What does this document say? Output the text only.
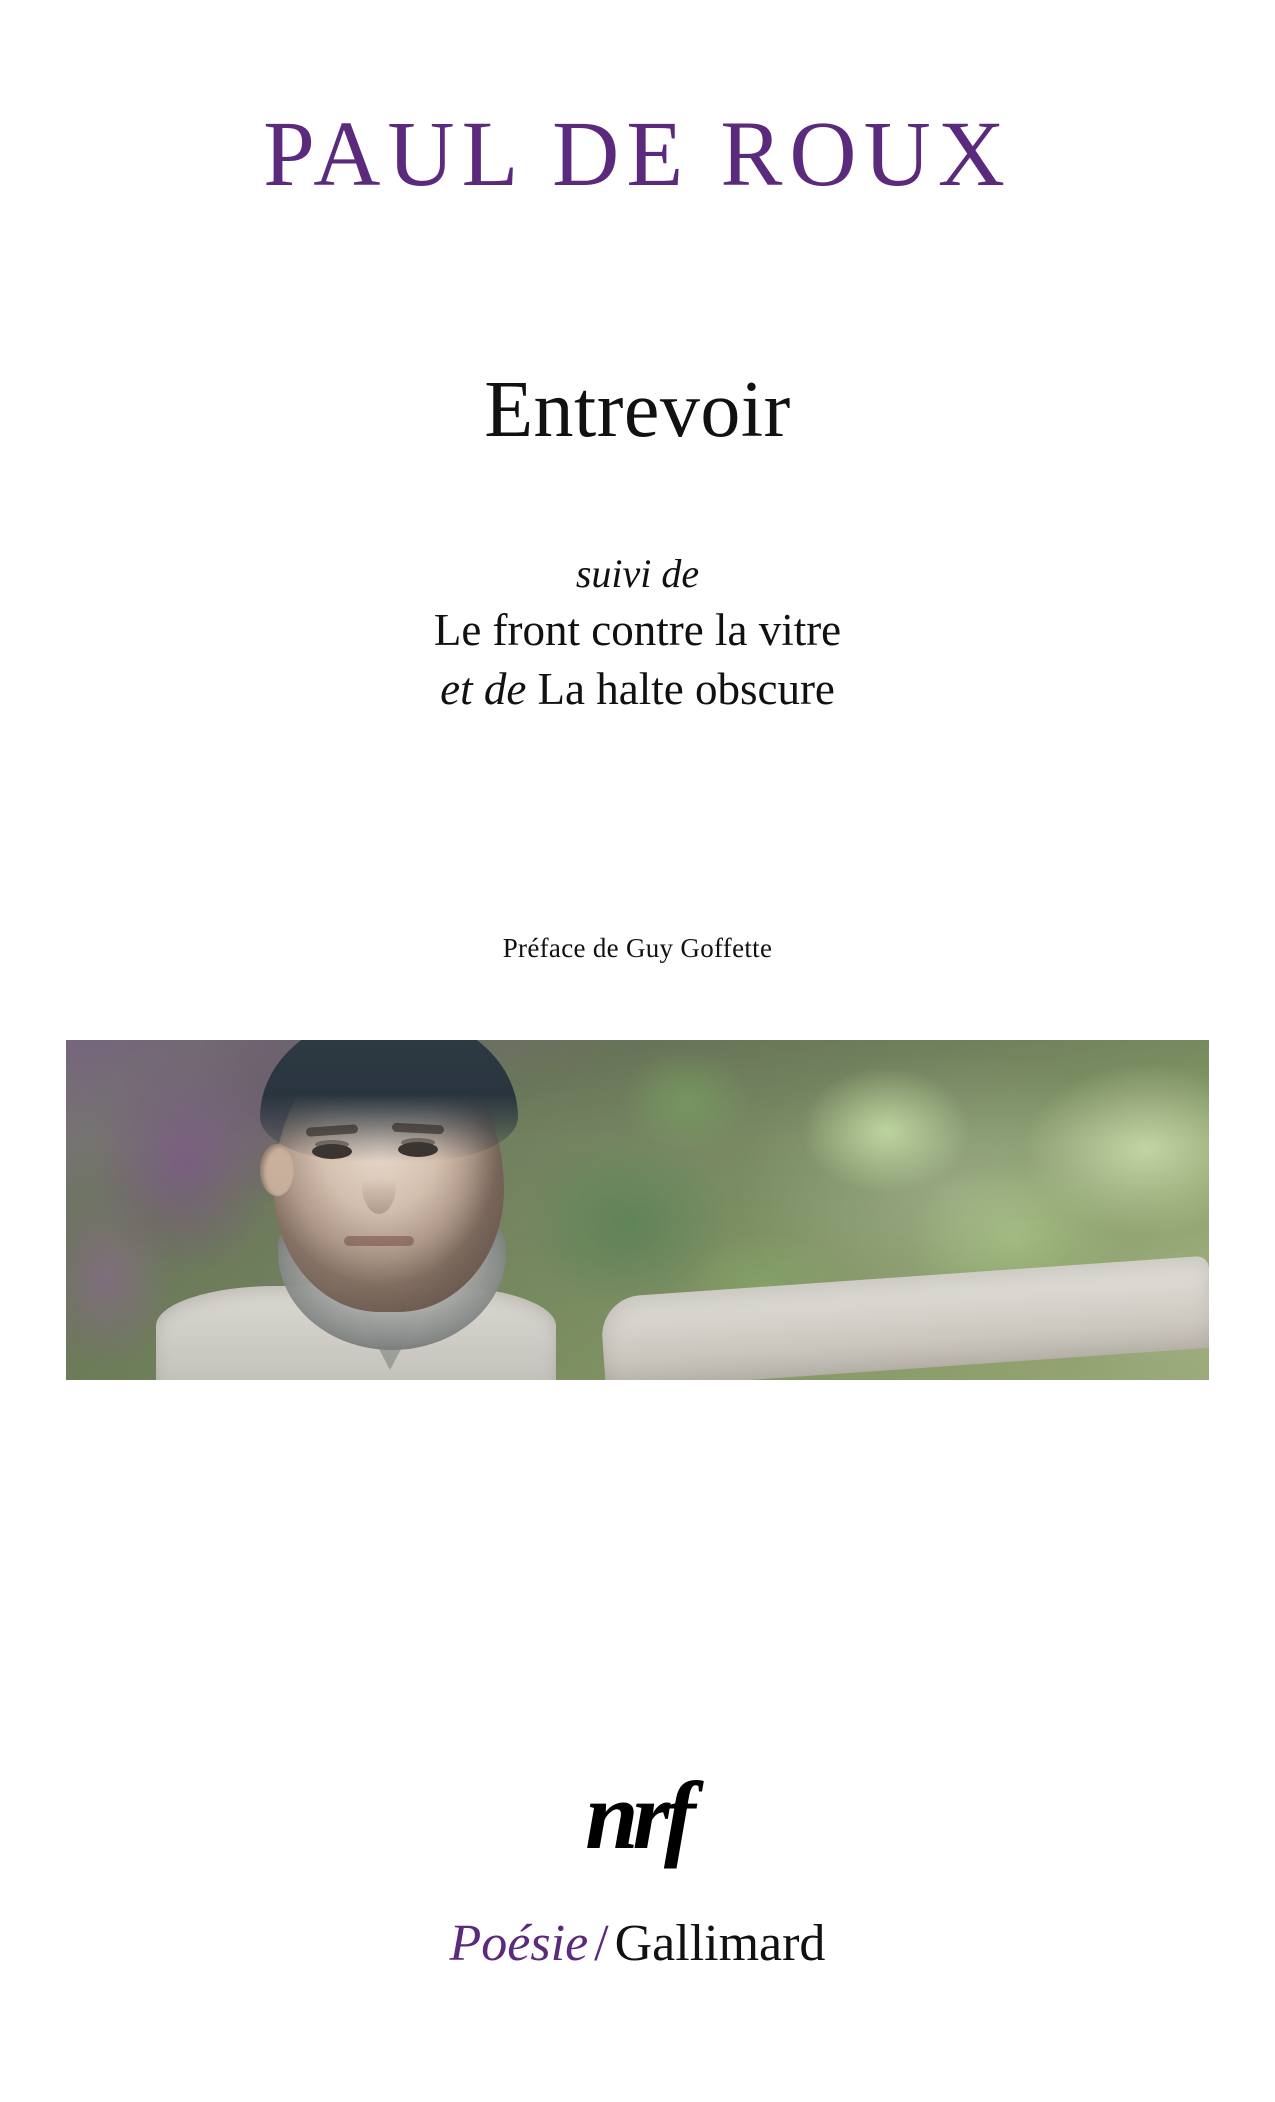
PAUL DE ROUX
Entrevoir
suivi de
Le front contre la vitre
et de La halte obscure
Préface de Guy Goffette
nrf
Poésie / Gallimard
